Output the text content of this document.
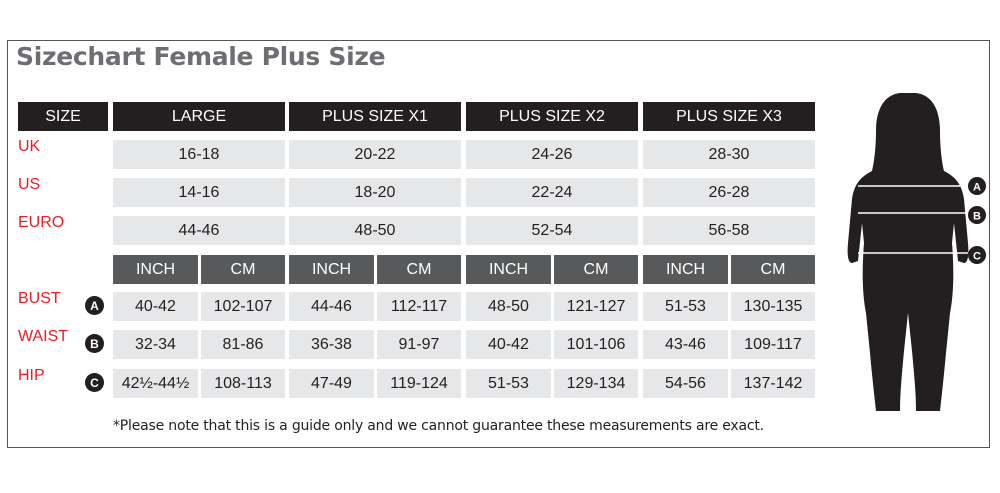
Sizechart Female Plus Size
SIZE	LARGE	PLUS SIZE X1	PLUS SIZE X2	PLUS SIZE X3
UK	16-18	20-22	24-26	28-30
US	14-16	18-20	22-24	26-28
EURO	44-46	48-50	52-54	56-58
INCH	CM	INCH	CM	INCH	CM	INCH	CM
BUST	A	40-42	102-107	44-46	112-117	48-50	121-127	51-53	130-135
WAIST	B	32-34	81-86	36-38	91-97	40-42	101-106	43-46	109-117
HIP	C	42½-44½	108-113	47-49	119-124	51-53	129-134	54-56	137-142
*Please note that this is a guide only and we cannot guarantee these measurements are exact.
A
B
C
